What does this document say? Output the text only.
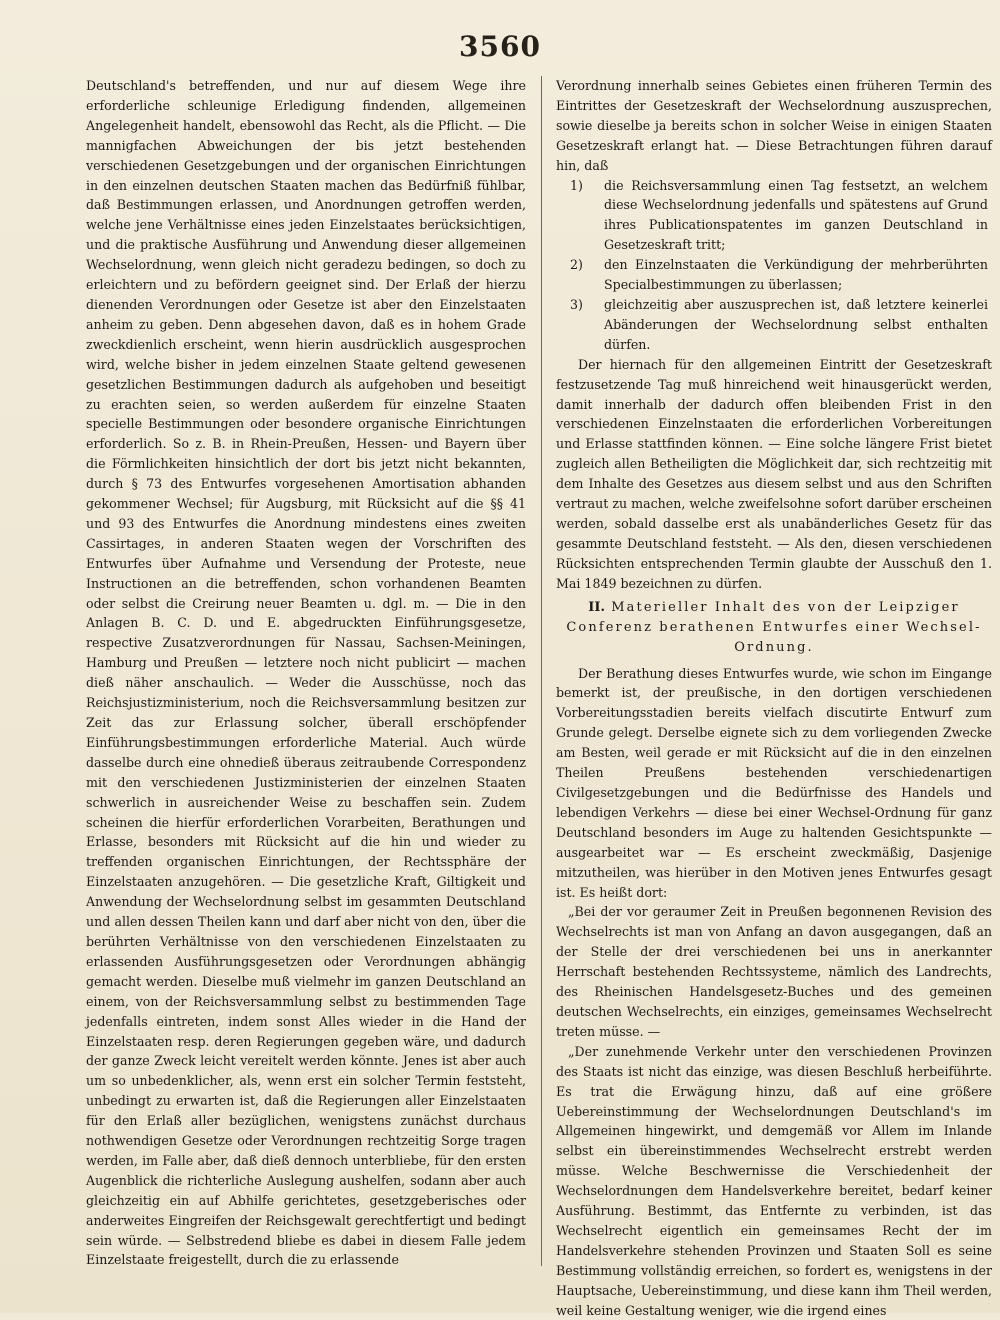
3560

Deutschland's betreffenden, und nur auf diesem Wege ihre erforderliche schleunige Erledigung findenden, allgemeinen Angelegenheit handelt, ebensowohl das Recht, als die Pflicht. — Die mannigfachen Abweichungen der bis jetzt bestehenden verschiedenen Gesetzgebungen und der organischen Einrichtungen in den einzelnen deutschen Staaten machen das Bedürfniß fühlbar, daß Bestimmungen erlassen, und Anordnungen getroffen werden, welche jene Verhältnisse eines jeden Einzelstaates berücksichtigen, und die praktische Ausführung und Anwendung dieser allgemeinen Wechselordnung, wenn gleich nicht geradezu bedingen, so doch zu erleichtern und zu befördern geeignet sind. Der Erlaß der hierzu dienenden Verordnungen oder Gesetze ist aber den Einzelstaaten anheim zu geben. Denn abgesehen davon, daß es in hohem Grade zweckdienlich erscheint, wenn hierin ausdrücklich ausgesprochen wird, welche bisher in jedem einzelnen Staate geltend gewesenen gesetzlichen Bestimmungen dadurch als aufgehoben und beseitigt zu erachten seien, so werden außerdem für einzelne Staaten specielle Bestimmungen oder besondere organische Einrichtungen erforderlich. So z. B. in Rhein-Preußen, Hessen- und Bayern über die Förmlichkeiten hinsichtlich der dort bis jetzt nicht bekannten, durch § 73 des Entwurfes vorgesehenen Amortisation abhanden gekommener Wechsel; für Augsburg, mit Rücksicht auf die §§ 41 und 93 des Entwurfes die Anordnung mindestens eines zweiten Cassirtages, in anderen Staaten wegen der Vorschriften des Entwurfes über Aufnahme und Versendung der Proteste, neue Instructionen an die betreffenden, schon vorhandenen Beamten oder selbst die Creirung neuer Beamten u. dgl. m. — Die in den Anlagen B. C. D. und E. abgedruckten Einführungsgesetze, respective Zusatzverordnungen für Nassau, Sachsen-Meiningen, Hamburg und Preußen — letztere noch nicht publicirt — machen dieß näher anschaulich. — Weder die Ausschüsse, noch das Reichsjustizministerium, noch die Reichsversammlung besitzen zur Zeit das zur Erlassung solcher, überall erschöpfender Einführungsbestimmungen erforderliche Material. Auch würde dasselbe durch eine ohnedieß überaus zeitraubende Correspondenz mit den verschiedenen Justizministerien der einzelnen Staaten schwerlich in ausreichender Weise zu beschaffen sein. Zudem scheinen die hierfür erforderlichen Vorarbeiten, Berathungen und Erlasse, besonders mit Rücksicht auf die hin und wieder zu treffenden organischen Einrichtungen, der Rechtssphäre der Einzelstaaten anzugehören. — Die gesetzliche Kraft, Giltigkeit und Anwendung der Wechselordnung selbst im gesammten Deutschland und allen dessen Theilen kann und darf aber nicht von den, über die berührten Verhältnisse von den verschiedenen Einzelstaaten zu erlassenden Ausführungsgesetzen oder Verordnungen abhängig gemacht werden. Dieselbe muß vielmehr im ganzen Deutschland an einem, von der Reichsversammlung selbst zu bestimmenden Tage jedenfalls eintreten, indem sonst Alles wieder in die Hand der Einzelstaaten resp. deren Regierungen gegeben wäre, und dadurch der ganze Zweck leicht vereitelt werden könnte. Jenes ist aber auch um so unbedenklicher, als, wenn erst ein solcher Termin feststeht, unbedingt zu erwarten ist, daß die Regierungen aller Einzelstaaten für den Erlaß aller bezüglichen, wenigstens zunächst durchaus nothwendigen Gesetze oder Verordnungen rechtzeitig Sorge tragen werden, im Falle aber, daß dieß dennoch unterbliebe, für den ersten Augenblick die richterliche Auslegung aushelfen, sodann aber auch gleichzeitig ein auf Abhilfe gerichtetes, gesetzgeberisches oder anderweites Eingreifen der Reichsgewalt gerechtfertigt und bedingt sein würde. — Selbstredend bliebe es dabei in diesem Falle jedem Einzelstaate freigestellt, durch die zu erlassende

Verordnung innerhalb seines Gebietes einen früheren Termin des Eintrittes der Gesetzeskraft der Wechselordnung auszusprechen, sowie dieselbe ja bereits schon in solcher Weise in einigen Staaten Gesetzeskraft erlangt hat. — Diese Betrachtungen führen darauf hin, daß

1) die Reichsversammlung einen Tag festsetzt, an welchem diese Wechselordnung jedenfalls und spätestens auf Grund ihres Publicationspatentes im ganzen Deutschland in Gesetzeskraft tritt;
2) den Einzelnstaaten die Verkündigung der mehrberührten Specialbestimmungen zu überlassen;
3) gleichzeitig aber auszusprechen ist, daß letztere keinerlei Abänderungen der Wechselordnung selbst enthalten dürfen.

Der hiernach für den allgemeinen Eintritt der Gesetzeskraft festzusetzende Tag muß hinreichend weit hinausgerückt werden, damit innerhalb der dadurch offen bleibenden Frist in den verschiedenen Einzelnstaaten die erforderlichen Vorbereitungen und Erlasse stattfinden können. — Eine solche längere Frist bietet zugleich allen Betheiligten die Möglichkeit dar, sich rechtzeitig mit dem Inhalte des Gesetzes aus diesem selbst und aus den Schriften vertraut zu machen, welche zweifelsohne sofort darüber erscheinen werden, sobald dasselbe erst als unabänderliches Gesetz für das gesammte Deutschland feststeht. — Als den, diesen verschiedenen Rücksichten entsprechenden Termin glaubte der Ausschuß den 1. Mai 1849 bezeichnen zu dürfen.

II. Materieller Inhalt des von der Leipziger Conferenz berathenen Entwurfes einer Wechsel-Ordnung.

Der Berathung dieses Entwurfes wurde, wie schon im Eingange bemerkt ist, der preußische, in den dortigen verschiedenen Vorbereitungsstadien bereits vielfach discutirte Entwurf zum Grunde gelegt. Derselbe eignete sich zu dem vorliegenden Zwecke am Besten, weil gerade er mit Rücksicht auf die in den einzelnen Theilen Preußens bestehenden verschiedenartigen Civilgesetzgebungen und die Bedürfnisse des Handels und lebendigen Verkehrs — diese bei einer Wechsel-Ordnung für ganz Deutschland besonders im Auge zu haltenden Gesichtspunkte — ausgearbeitet war — Es erscheint zweckmäßig, Dasjenige mitzutheilen, was hierüber in den Motiven jenes Entwurfes gesagt ist. Es heißt dort:

„Bei der vor geraumer Zeit in Preußen begonnenen Revision des Wechselrechts ist man von Anfang an davon ausgegangen, daß an der Stelle der drei verschiedenen bei uns in anerkannter Herrschaft bestehenden Rechtssysteme, nämlich des Landrechts, des Rheinischen Handelsgesetz-Buches und des gemeinen deutschen Wechselrechts, ein einziges, gemeinsames Wechselrecht treten müsse. —

„Der zunehmende Verkehr unter den verschiedenen Provinzen des Staats ist nicht das einzige, was diesen Beschluß herbeiführte. Es trat die Erwägung hinzu, daß auf eine größere Uebereinstimmung der Wechselordnungen Deutschland's im Allgemeinen hingewirkt, und demgemäß vor Allem im Inlande selbst ein übereinstimmendes Wechselrecht erstrebt werden müsse. Welche Beschwernisse die Verschiedenheit der Wechselordnungen dem Handelsverkehre bereitet, bedarf keiner Ausführung. Bestimmt, das Entfernte zu verbinden, ist das Wechselrecht eigentlich ein gemeinsames Recht der im Handelsverkehre stehenden Provinzen und Staaten Soll es seine Bestimmung vollständig erreichen, so fordert es, wenigstens in der Hauptsache, Uebereinstimmung, und diese kann ihm Theil werden, weil keine Gestaltung weniger, wie die irgend eines
